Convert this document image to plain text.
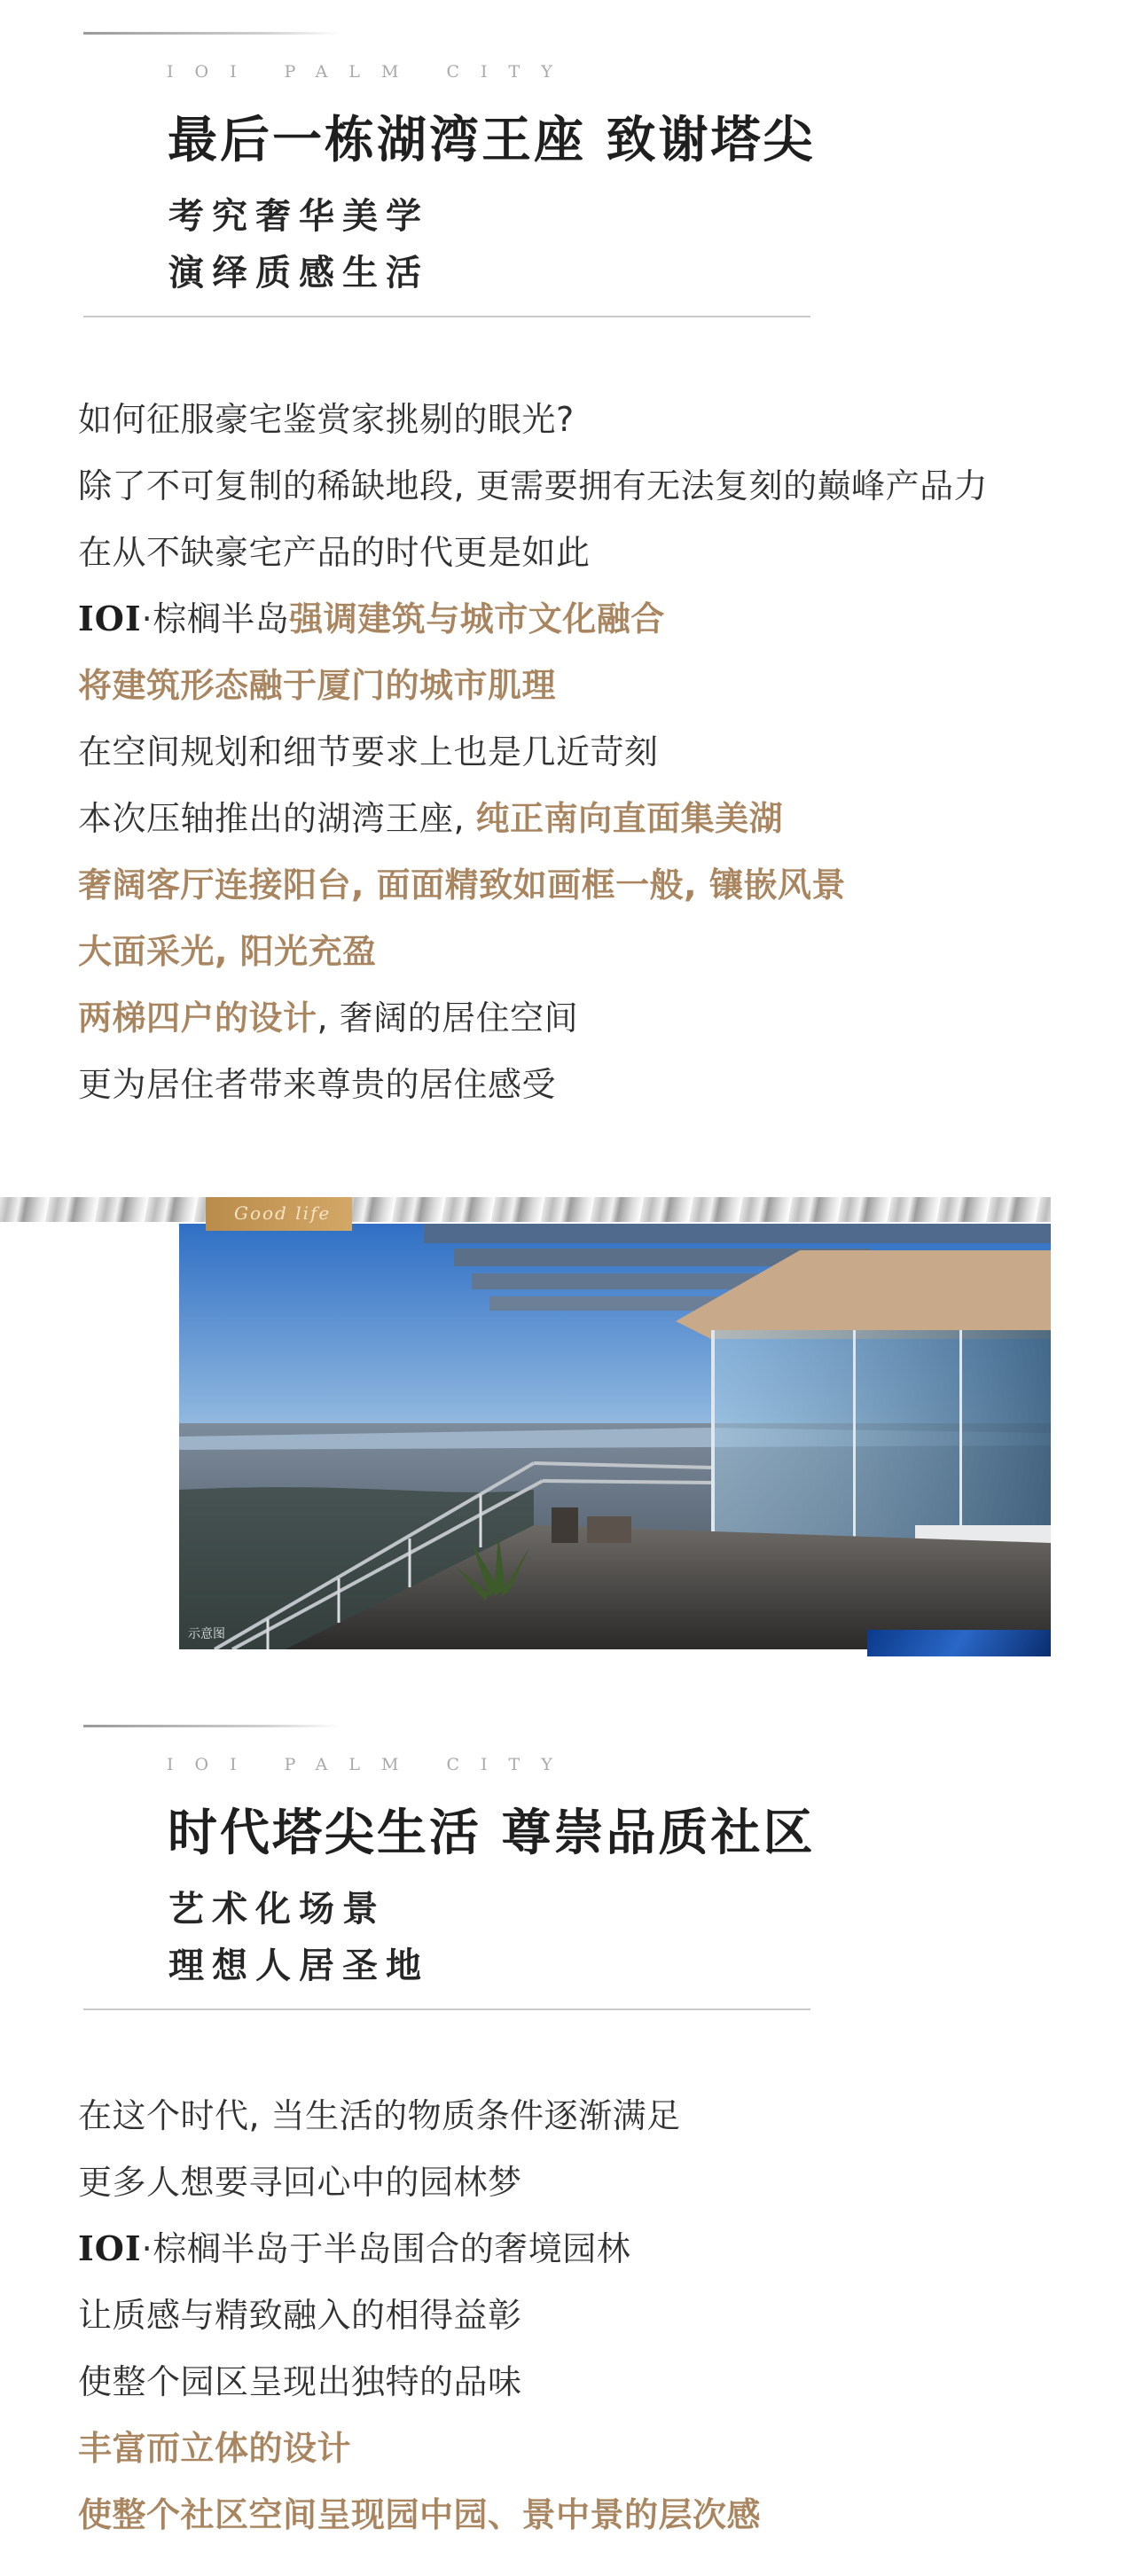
IOI PALM CITY
最后一栋湖湾王座 致谢塔尖
考究奢华美学
演绎质感生活
如何征服豪宅鉴赏家挑剔的眼光?
除了不可复制的稀缺地段, 更需要拥有无法复刻的巅峰产品力
在从不缺豪宅产品的时代更是如此
IOI·棕榈半岛强调建筑与城市文化融合
将建筑形态融于厦门的城市肌理
在空间规划和细节要求上也是几近苛刻
本次压轴推出的湖湾王座, 纯正南向直面集美湖
奢阔客厅连接阳台, 面面精致如画框一般, 镶嵌风景
大面采光, 阳光充盈
两梯四户的设计, 奢阔的居住空间
更为居住者带来尊贵的居住感受
Good life
示意图
IOI PALM CITY
时代塔尖生活 尊崇品质社区
艺术化场景
理想人居圣地
在这个时代, 当生活的物质条件逐渐满足
更多人想要寻回心中的园林梦
IOI·棕榈半岛于半岛围合的奢境园林
让质感与精致融入的相得益彰
使整个园区呈现出独特的品味
丰富而立体的设计
使整个社区空间呈现园中园、景中景的层次感
